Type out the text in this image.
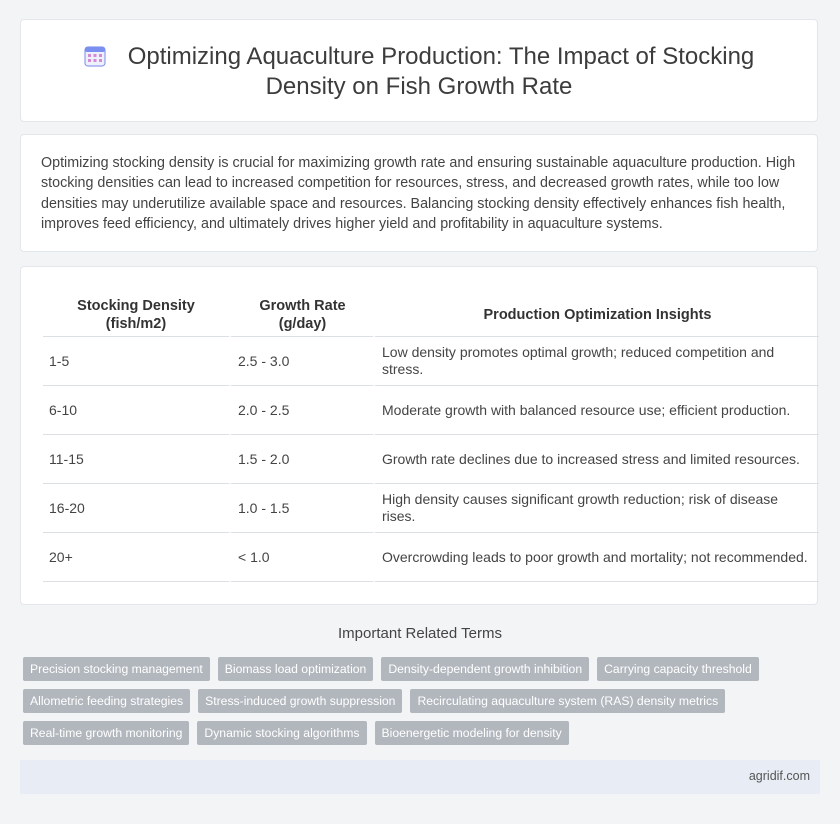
Optimizing Aquaculture Production: The Impact of Stocking Density on Fish Growth Rate

Optimizing stocking density is crucial for maximizing growth rate and ensuring sustainable aquaculture production. High stocking densities can lead to increased competition for resources, stress, and decreased growth rates, while too low densities may underutilize available space and resources. Balancing stocking density effectively enhances fish health, improves feed efficiency, and ultimately drives higher yield and profitability in aquaculture systems.

Stocking Density (fish/m2)	Growth Rate (g/day)	Production Optimization Insights
1-5	2.5 - 3.0	Low density promotes optimal growth; reduced competition and stress.
6-10	2.0 - 2.5	Moderate growth with balanced resource use; efficient production.
11-15	1.5 - 2.0	Growth rate declines due to increased stress and limited resources.
16-20	1.0 - 1.5	High density causes significant growth reduction; risk of disease rises.
20+	< 1.0	Overcrowding leads to poor growth and mortality; not recommended.
Important Related Terms
Precision stocking management	Biomass load optimization	Density-dependent growth inhibition	Carrying capacity threshold
Allometric feeding strategies	Stress-induced growth suppression	Recirculating aquaculture system (RAS) density metrics
Real-time growth monitoring	Dynamic stocking algorithms	Bioenergetic modeling for density
agridif.com
